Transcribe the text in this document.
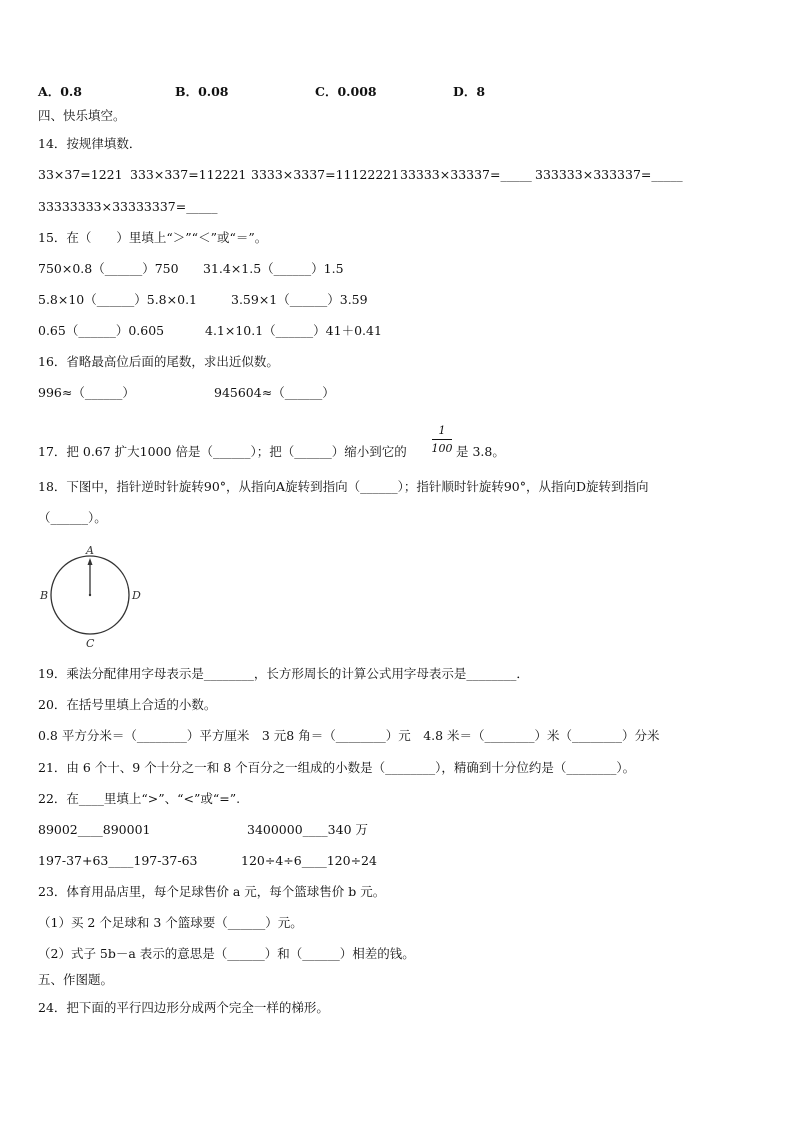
A．0.8	B．0.08	C．0.008	D．8
四、快乐填空。
14．按规律填数．
33×37=1221 333×337=112221 3333×3337=11122221 33333×33337=_____ 333333×333337=_____
33333333×33333337=_____
15．在（　　）里填上“＞”“＜”或“＝”。
750×0.8（______）750 31.4×1.5（______）1.5
5.8×10（______）5.8×0.1	3.59×1（______）3.59
0.65（______）0.605	4.1×10.1（______）41＋0.41
16．省略最高位后面的尾数，求出近似数。
996≈（______）	945604≈（______）
17．把 0.67 扩大1000 倍是（______）；把（______）缩小到它的
1
100 是 3.8。
18．下图中，指针逆时针旋转90°，从指向A旋转到指向（______）；指针顺时针旋转90°，从指向D旋转到指向
（______）。
A
B
C
D
19．乘法分配律用字母表示是________，长方形周长的计算公式用字母表示是________．
20．在括号里填上合适的小数。
0.8 平方分米＝（________）平方厘米　3 元8 角＝（________）元　4.8 米＝（________）米（________）分米
21．由 6 个十、9 个十分之一和 8 个百分之一组成的小数是（________），精确到十分位约是（________）。
22．在____里填上“>”、“<”或“=”.
89002____890001	3400000____340 万
197-37+63____197-37-63	120÷4÷6____120÷24
23．体育用品店里，每个足球售价 a 元，每个篮球售价 b 元。
（1）买 2 个足球和 3 个篮球要（______）元。
（2）式子 5b－a 表示的意思是（______）和（______）相差的钱。
五、作图题。
24．把下面的平行四边形分成两个完全一样的梯形。
